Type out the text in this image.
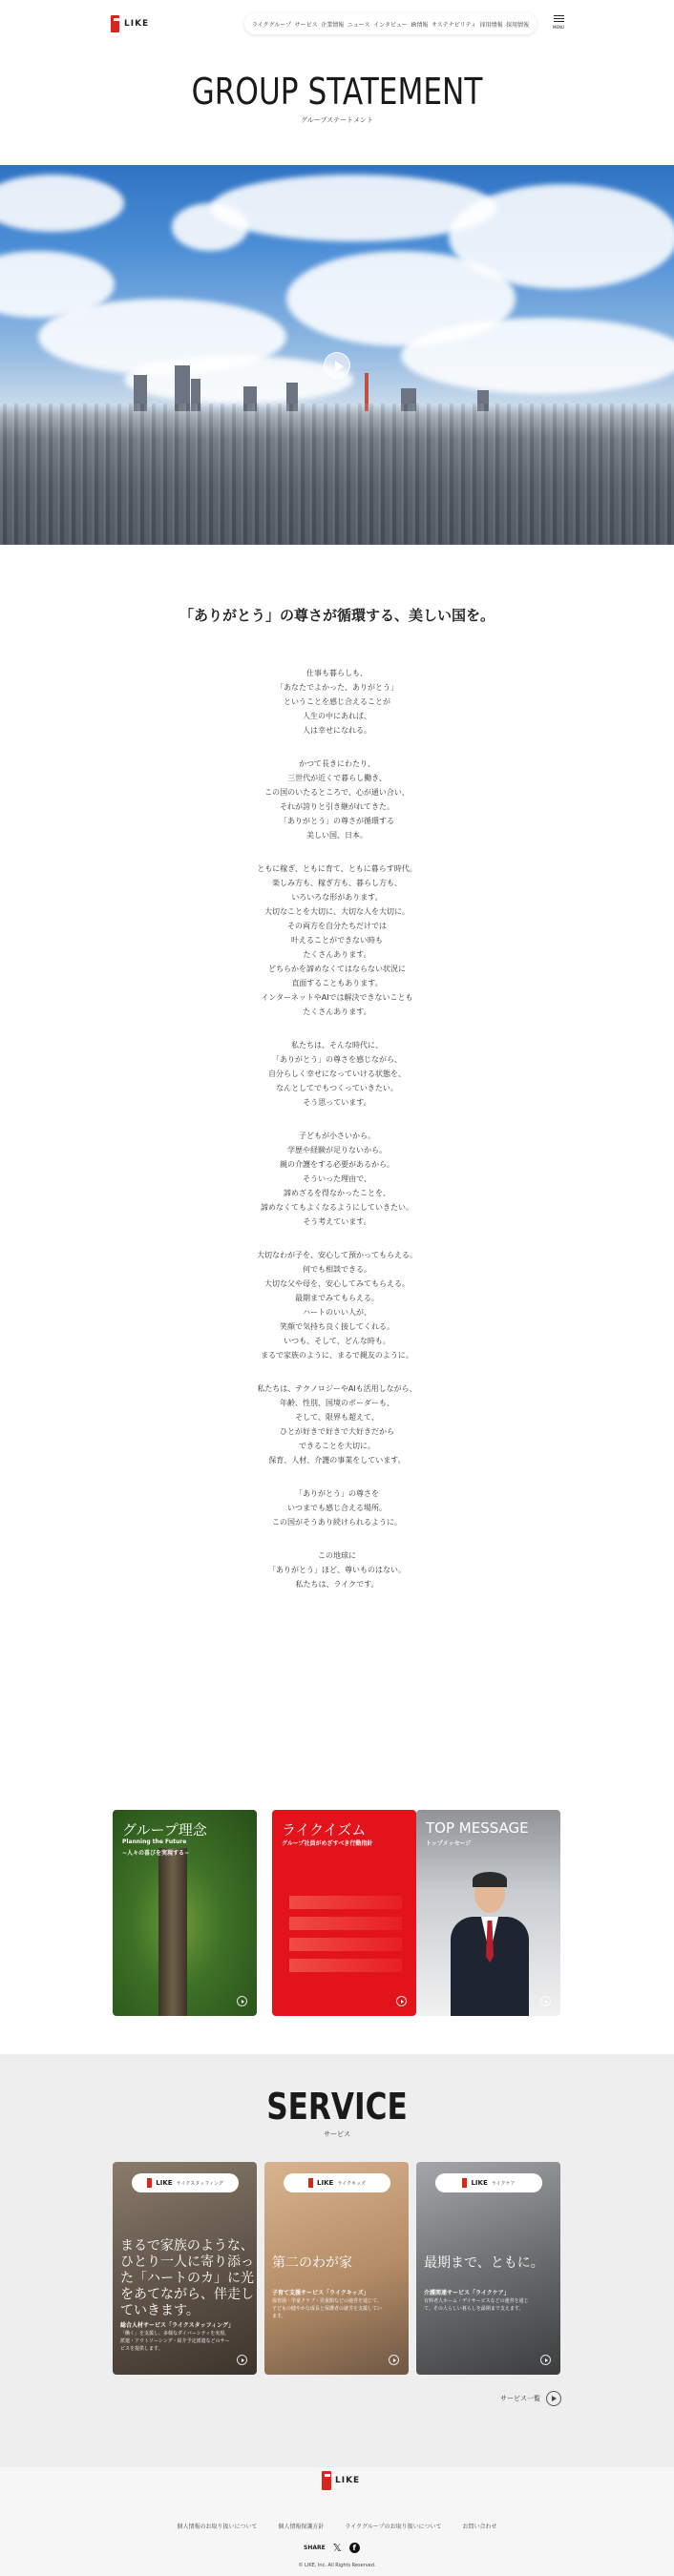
LIKE	ライクグループ サービス 企業情報 ニュース インタビュー IR情報 サステナビリティ 採用情報 採用情報	MENU
GROUP STATEMENT
グループステートメント
「ありがとう」の尊さが循環する、美しい国を。
仕事も暮らしも、
「あなたでよかった、ありがとう」
ということを感じ合えることが
人生の中にあれば、
人は幸せになれる。
かつて長きにわたり、
三世代が近くで暮らし働き、
この国のいたるところで、心が通い合い、
それが誇りと引き継がれてきた。
「ありがとう」の尊さが循環する
美しい国、日本。
ともに稼ぎ、ともに育て、ともに暮らす時代。
楽しみ方も、稼ぎ方も、暮らし方も、
いろいろな形があります。
大切なことを大切に、大切な人を大切に。
その両方を自分たちだけでは
叶えることができない時も
たくさんあります。
どちらかを諦めなくてはならない状況に
直面することもあります。
インターネットやAIでは解決できないことも
たくさんあります。
私たちは、そんな時代に、
「ありがとう」の尊さを感じながら、
自分らしく幸せになっていける状態を、
なんとしてでもつくっていきたい。
そう思っています。
子どもが小さいから。
学歴や経験が足りないから。
親の介護をする必要があるから。
そういった理由で、
諦めざるを得なかったことを、
諦めなくてもよくなるようにしていきたい。
そう考えています。
大切なわが子を、安心して預かってもらえる。
何でも相談できる。
大切な父や母を、安心してみてもらえる。
最期までみてもらえる。
ハートのいい人が、
笑顔で気持ち良く接してくれる。
いつも、そして、どんな時も。
まるで家族のように、まるで親友のように。
私たちは、テクノロジーやAIも活用しながら、
年齢、性別、国境のボーダーも、
そして、限界も超えて、
ひとが好きで好きで大好きだから
できることを大切に。
保育、人材、介護の事業をしています。
「ありがとう」の尊さを
いつまでも感じ合える場所。
この国がそうあり続けられるように。
この地球に
「ありがとう」ほど、尊いものはない。
私たちは、ライクです。
グループ理念
Planning the Future
~人々の喜びを実現する~
ライクイズム
グループ社員がめざすべき行動指針
TOP MESSAGE
トップメッセージ
SERVICE
サービス
LIKE ライクスタッフィング
まるで家族のような、ひとり一人に寄り添った「ハートのカ」に光をあてながら、伴走していきます。
総合人材サービス「ライクスタッフィング」
「働く」を支援し、多様なダイバーシティを実現。派遣・アウトソーシング・紹介予定派遣などのサービスを提供します。
LIKE ライクキッズ
第二のわが家
子育て支援サービス「ライクキッズ」
保育園・学童クラブ・児童館などの運営を通じて、子どもの健やかな成長と保護者の就労を支援しています。
LIKE ライクケア
最期まで、ともに。
介護関連サービス「ライクケア」
有料老人ホーム・デイサービスなどの運営を通じて、その人らしい暮らしを最期まで支えます。
サービス一覧
LIKE
個人情報のお取り扱いについて	個人情報保護方針	ライクグループのお取り扱いについて	お問い合わせ
SHARE 𝕏	f
© LIKE, Inc. All Rights Reserved.
